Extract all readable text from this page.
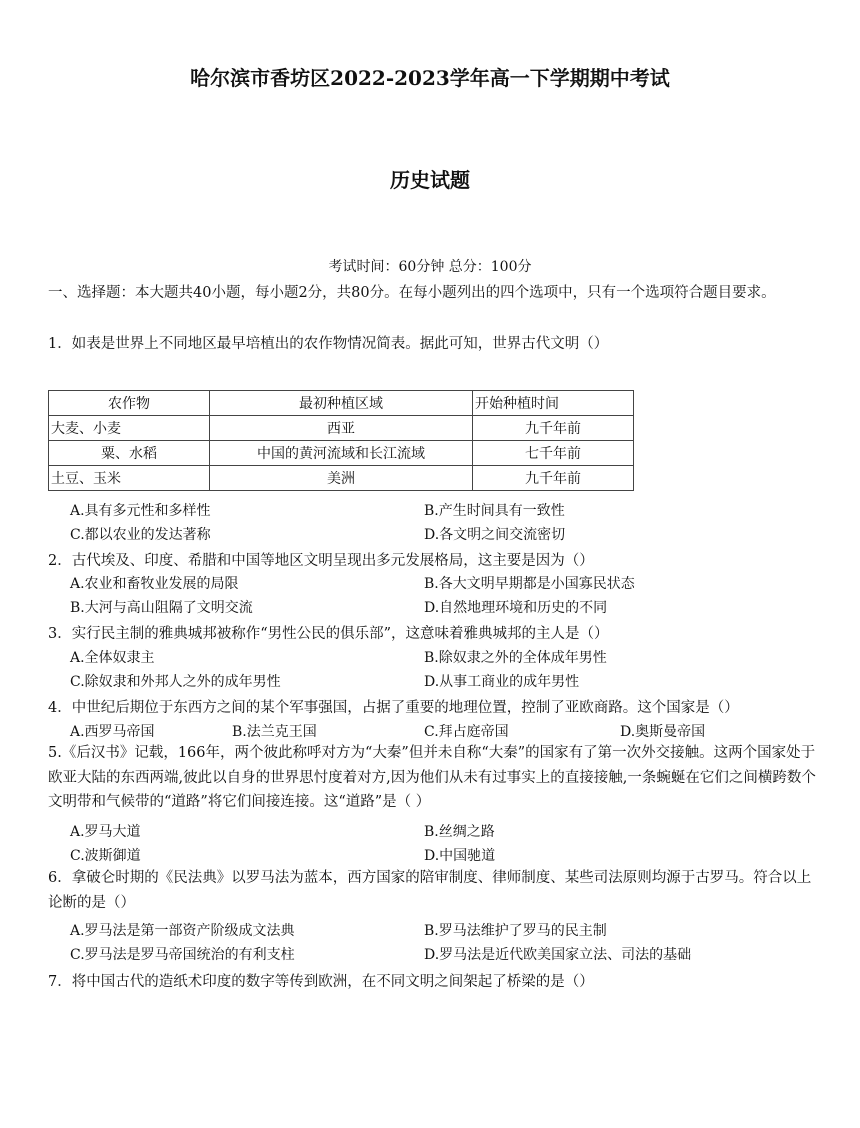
哈尔滨市香坊区2022-2023学年高一下学期期中考试
历史试题
考试时间：60分钟 总分：100分
一、选择题：本大题共40小题，每小题2分，共80分。在每小题列出的四个选项中，只有一个选项符合题目要求。
1．如表是世界上不同地区最早培植出的农作物情况简表。据此可知，世界古代文明（）
农作物	最初种植区域	开始种植时间
大麦、小麦	西亚	九千年前
粟、水稻	中国的黄河流域和长江流域	七千年前
土豆、玉米	美洲	九千年前
A.具有多元性和多样性	B.产生时间具有一致性
C.都以农业的发达著称	D.各文明之间交流密切
2．古代埃及、印度、希腊和中国等地区文明呈现出多元发展格局，这主要是因为（）
A.农业和畜牧业发展的局限	B.各大文明早期都是小国寡民状态
B.大河与高山阻隔了文明交流	D.自然地理环境和历史的不同
3．实行民主制的雅典城邦被称作“男性公民的俱乐部”，这意味着雅典城邦的主人是（）
A.全体奴隶主	B.除奴隶之外的全体成年男性
C.除奴隶和外邦人之外的成年男性	D.从事工商业的成年男性
4．中世纪后期位于东西方之间的某个军事强国，占据了重要的地理位置，控制了亚欧商路。这个国家是（）
A.西罗马帝国	B.法兰克王国	C.拜占庭帝国	D.奥斯曼帝国
5.《后汉书》记载，166年，两个彼此称呼对方为“大秦”但并未自称“大秦”的国家有了第一次外交接触。这两个国家处于欧亚大陆的东西两端,彼此以自身的世界思忖度着对方,因为他们从未有过事实上的直接接触,一条蜿蜒在它们之间横跨数个文明带和气候带的“道路”将它们间接连接。这“道路”是（ ）
A.罗马大道	B.丝绸之路
C.波斯御道	D.中国驰道
6．拿破仑时期的《民法典》以罗马法为蓝本，西方国家的陪审制度、律师制度、某些司法原则均源于古罗马。符合以上论断的是（）
A.罗马法是第一部资产阶级成文法典	B.罗马法维护了罗马的民主制
C.罗马法是罗马帝国统治的有利支柱	D.罗马法是近代欧美国家立法、司法的基础
7．将中国古代的造纸术印度的数字等传到欧洲，在不同文明之间架起了桥梁的是（）
